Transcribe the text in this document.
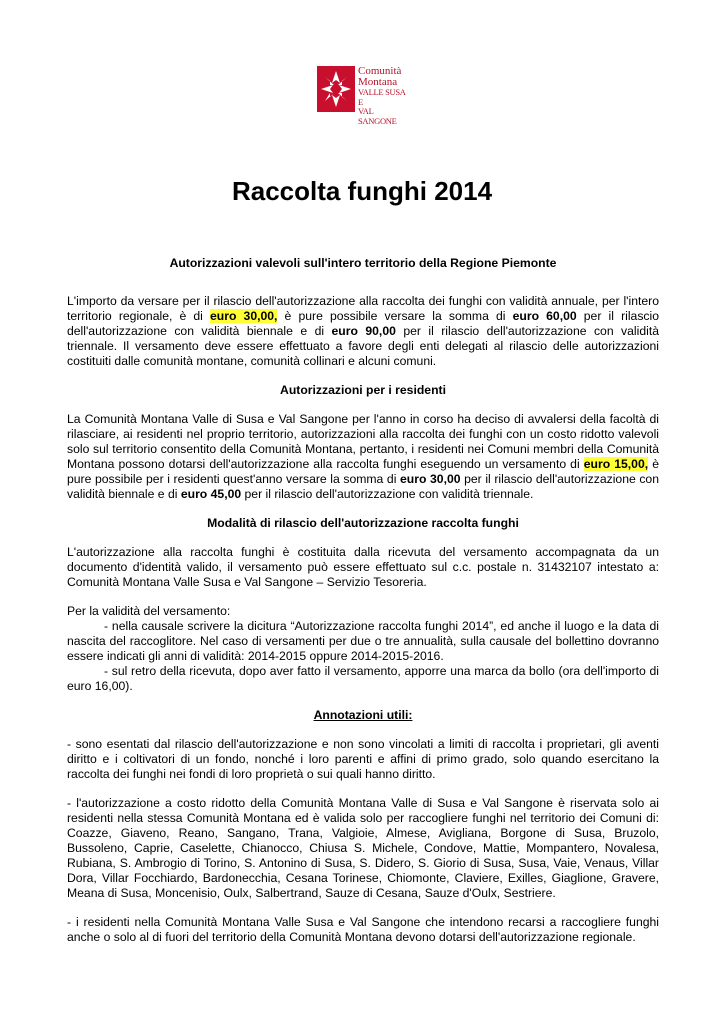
Comunità
Montana
VALLE SUSA E
VAL SANGONE
Raccolta funghi 2014
Autorizzazioni valevoli sull'intero territorio della Regione Piemonte

L'importo da versare per il rilascio dell'autorizzazione alla raccolta dei funghi con validità annuale, per l'intero territorio regionale, è di euro 30,00, è pure possibile versare la somma di euro 60,00 per il rilascio dell'autorizzazione con validità biennale e di euro 90,00 per il rilascio dell'autorizzazione con validità triennale. Il versamento deve essere effettuato a favore degli enti delegati al rilascio delle autorizzazioni costituiti dalle comunità montane, comunità collinari e alcuni comuni.

Autorizzazioni per i residenti

La Comunità Montana Valle di Susa e Val Sangone per l'anno in corso ha deciso di avvalersi della facoltà di rilasciare, ai residenti nel proprio territorio, autorizzazioni alla raccolta dei funghi con un costo ridotto valevoli solo sul territorio consentito della Comunità Montana, pertanto, i residenti nei Comuni membri della Comunità Montana possono dotarsi dell'autorizzazione alla raccolta funghi eseguendo un versamento di euro 15,00, è pure possibile per i residenti quest'anno versare la somma di euro 30,00 per il rilascio dell'autorizzazione con validità biennale e di euro 45,00 per il rilascio dell'autorizzazione con validità triennale.

Modalità di rilascio dell'autorizzazione raccolta funghi

L'autorizzazione alla raccolta funghi è costituita dalla ricevuta del versamento accompagnata da un documento d'identità valido, il versamento può essere effettuato sul c.c. postale n. 31432107 intestato a: Comunità Montana Valle Susa e Val Sangone – Servizio Tesoreria.

Per la validità del versamento:

- nella causale scrivere la dicitura “Autorizzazione raccolta funghi 2014”, ed anche il luogo e la data di nascita del raccoglitore. Nel caso di versamenti per due o tre annualità, sulla causale del bollettino dovranno essere indicati gli anni di validità: 2014-2015 oppure 2014-2015-2016.

- sul retro della ricevuta, dopo aver fatto il versamento, apporre una marca da bollo (ora dell'importo di euro 16,00).

Annotazioni utili:

- sono esentati dal rilascio dell'autorizzazione e non sono vincolati a limiti di raccolta i proprietari, gli aventi diritto e i coltivatori di un fondo, nonché i loro parenti e affini di primo grado, solo quando esercitano la raccolta dei funghi nei fondi di loro proprietà o sui quali hanno diritto.

- l'autorizzazione a costo ridotto della Comunità Montana Valle di Susa e Val Sangone è riservata solo ai residenti nella stessa Comunità Montana ed è valida solo per raccogliere funghi nel territorio dei Comuni di: Coazze, Giaveno, Reano, Sangano, Trana, Valgioie, Almese, Avigliana, Borgone di Susa, Bruzolo, Bussoleno, Caprie, Caselette, Chianocco, Chiusa S. Michele, Condove, Mattie, Mompantero, Novalesa, Rubiana, S. Ambrogio di Torino, S. Antonino di Susa, S. Didero, S. Giorio di Susa, Susa, Vaie, Venaus, Villar Dora, Villar Focchiardo, Bardonecchia, Cesana Torinese, Chiomonte, Claviere, Exilles, Giaglione, Gravere, Meana di Susa, Moncenisio, Oulx, Salbertrand, Sauze di Cesana, Sauze d'Oulx, Sestriere.

- i residenti nella Comunità Montana Valle Susa e Val Sangone che intendono recarsi a raccogliere funghi anche o solo al di fuori del territorio della Comunità Montana devono dotarsi dell'autorizzazione regionale.
